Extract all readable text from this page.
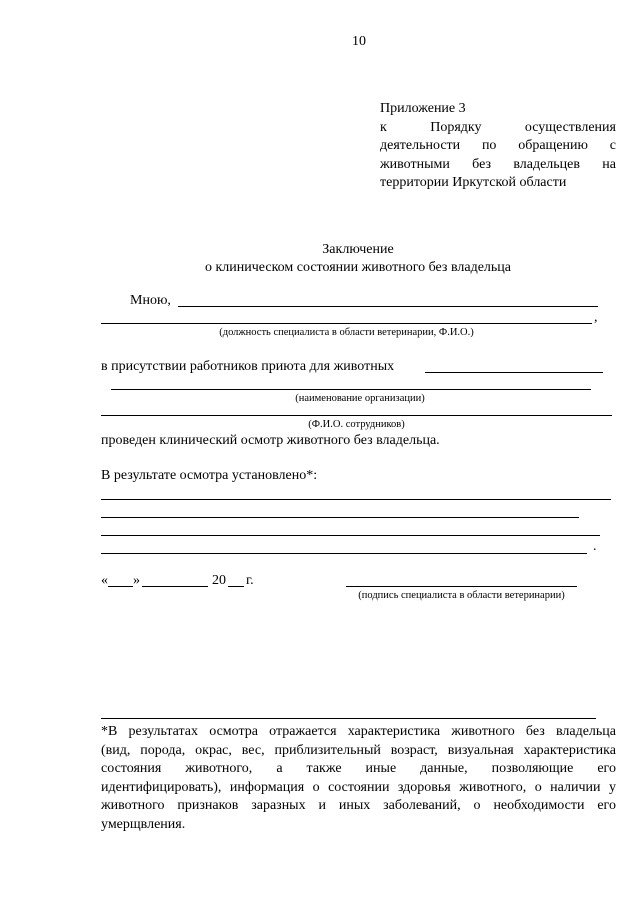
10
Приложение 3
к	Порядку	осуществления
деятельности по обращению с
животными без владельцев на
территории Иркутской области
Заключение
о клиническом состоянии животного без владельца
Мною,
,
(должность специалиста в области ветеринарии, Ф.И.О.)
в присутствии работников приюта для животных
(наименование организации)
(Ф.И.О. сотрудников)
проведен клинический осмотр животного без владельца.
В результате осмотра установлено*:
.
« »	20 г.
(подпись специалиста в области ветеринарии)
*В результатах осмотра отражается характеристика животного без владельца
(вид, порода, окрас, вес, приблизительный возраст, визуальная характеристика
состояния животного, а также иные данные, позволяющие его
идентифицировать), информация о состоянии здоровья животного, о наличии у
животного признаков заразных и иных заболеваний, о необходимости его
умерщвления.
